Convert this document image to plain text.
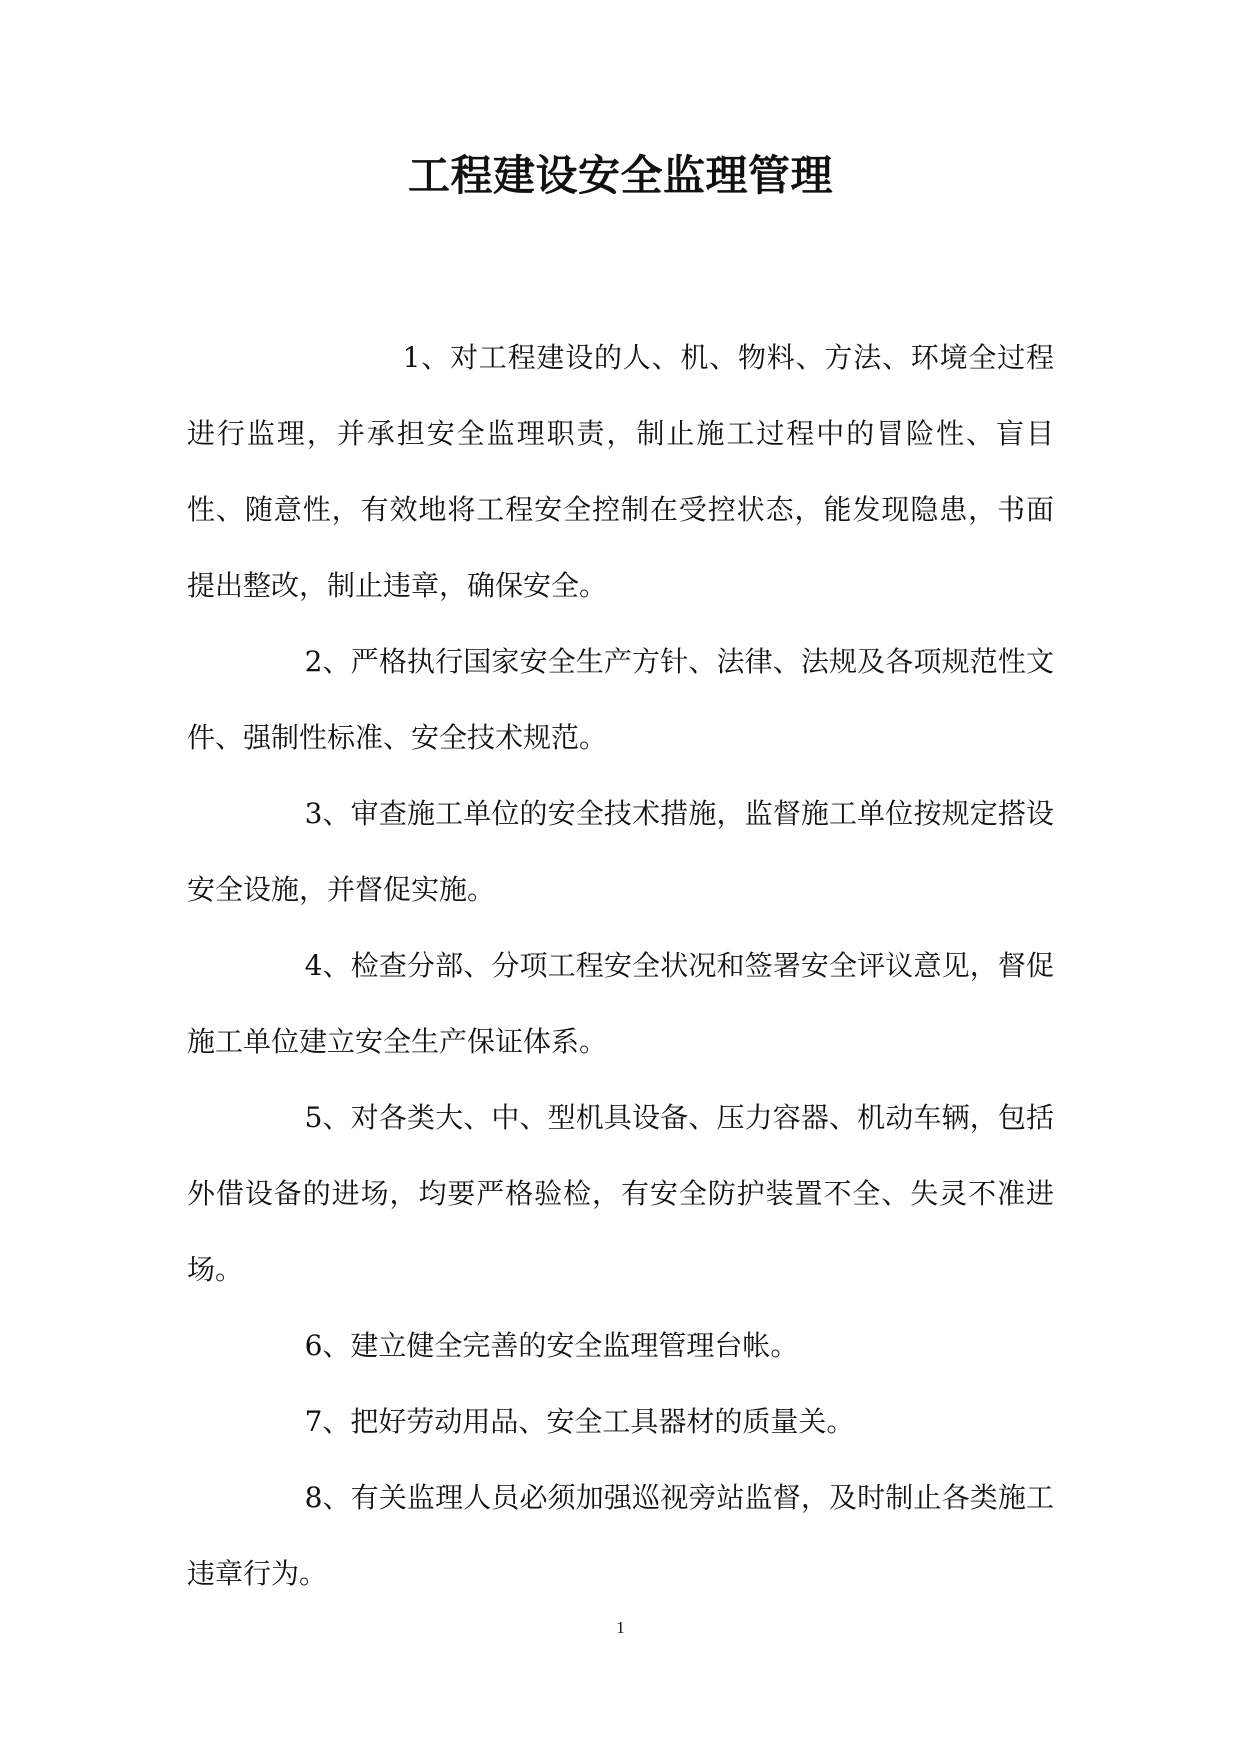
工程建设安全监理管理

1、对工程建设的人、机、物料、方法、环境全过程进行监理，并承担安全监理职责，制止施工过程中的冒险性、盲目性、随意性，有效地将工程安全控制在受控状态，能发现隐患，书面提出整改，制止违章，确保安全。

2、严格执行国家安全生产方针、法律、法规及各项规范性文件、强制性标准、安全技术规范。

3、审查施工单位的安全技术措施，监督施工单位按规定搭设安全设施，并督促实施。

4、检查分部、分项工程安全状况和签署安全评议意见，督促施工单位建立安全生产保证体系。

5、对各类大、中、型机具设备、压力容器、机动车辆，包括外借设备的进场，均要严格验检，有安全防护装置不全、失灵不准进场。

6、建立健全完善的安全监理管理台帐。

7、把好劳动用品、安全工具器材的质量关。

8、有关监理人员必须加强巡视旁站监督，及时制止各类施工违章行为。

1
